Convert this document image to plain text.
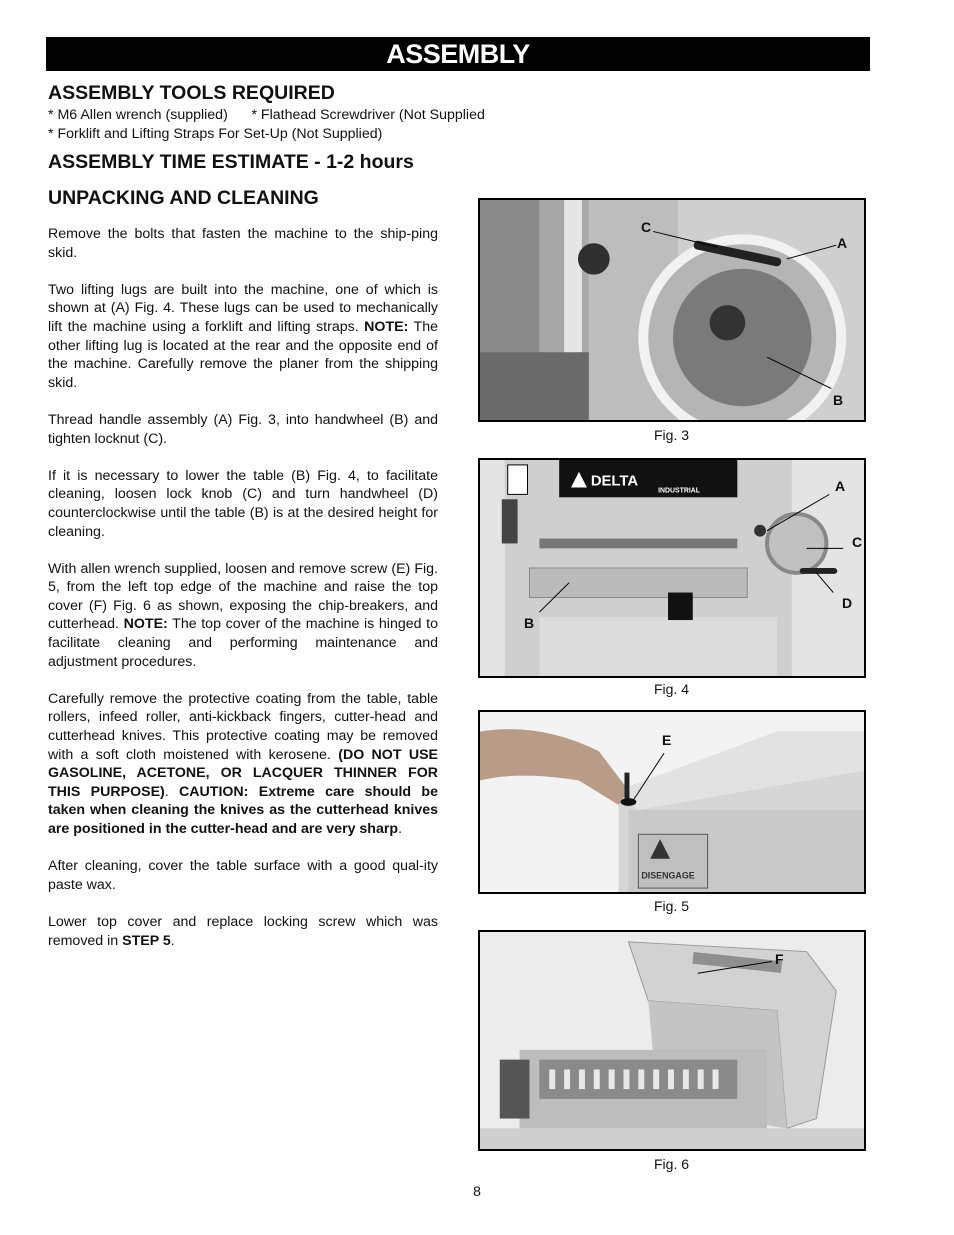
ASSEMBLY
ASSEMBLY TOOLS REQUIRED
* M6 Allen wrench (supplied) * Flathead Screwdriver (Not Supplied
* Forklift and Lifting Straps For Set-Up (Not Supplied)
ASSEMBLY TIME ESTIMATE - 1-2 hours
UNPACKING AND CLEANING

Remove the bolts that fasten the machine to the ship-ping skid.

Two lifting lugs are built into the machine, one of which is shown at (A) Fig. 4. These lugs can be used to mechanically lift the machine using a forklift and lifting straps. NOTE: The other lifting lug is located at the rear and the opposite end of the machine. Carefully remove the planer from the shipping skid.

Thread handle assembly (A) Fig. 3, into handwheel (B) and tighten locknut (C).

If it is necessary to lower the table (B) Fig. 4, to facilitate cleaning, loosen lock knob (C) and turn handwheel (D) counterclockwise until the table (B) is at the desired height for cleaning.

With allen wrench supplied, loosen and remove screw (E) Fig. 5, from the left top edge of the machine and raise the top cover (F) Fig. 6 as shown, exposing the chip-breakers, and cutterhead. NOTE: The top cover of the machine is hinged to facilitate cleaning and performing maintenance and adjustment procedures.

Carefully remove the protective coating from the table, table rollers, infeed roller, anti-kickback fingers, cutter-head and cutterhead knives. This protective coating may be removed with a soft cloth moistened with kerosene. (DO NOT USE GASOLINE, ACETONE, OR LACQUER THINNER FOR THIS PURPOSE). CAUTION: Extreme care should be taken when cleaning the knives as the cutterhead knives are positioned in the cutter-head and are very sharp.

After cleaning, cover the table surface with a good qual-ity paste wax.

Lower top cover and replace locking screw which was removed in STEP 5.

C
A
B
Fig. 3
DELTA
INDUSTRIAL	A
C
D
B
Fig. 4
DISENGAGE
E
Fig. 5
F
Fig. 6
8
